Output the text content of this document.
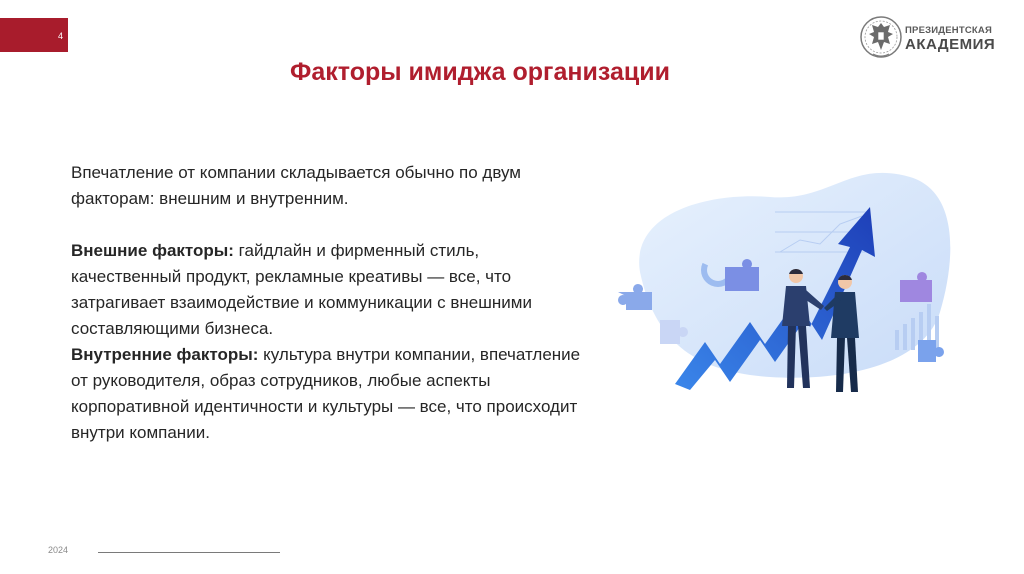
4	ПРЕЗИДЕНТСКАЯ
АКАДЕМИЯ
Факторы имиджа организации

Впечатление от компании складывается обычно по двум факторам: внешним и внутренним.

Внешние факторы: гайдлайн и фирменный стиль, качественный продукт, рекламные креативы — все, что затрагивает взаимодействие и коммуникации с внешними составляющими бизнеса.

Внутренние факторы: культура внутри компании, впечатление от руководителя, образ сотрудников, любые аспекты корпоративной идентичности и культуры — все, что происходит внутри компании.

2024
